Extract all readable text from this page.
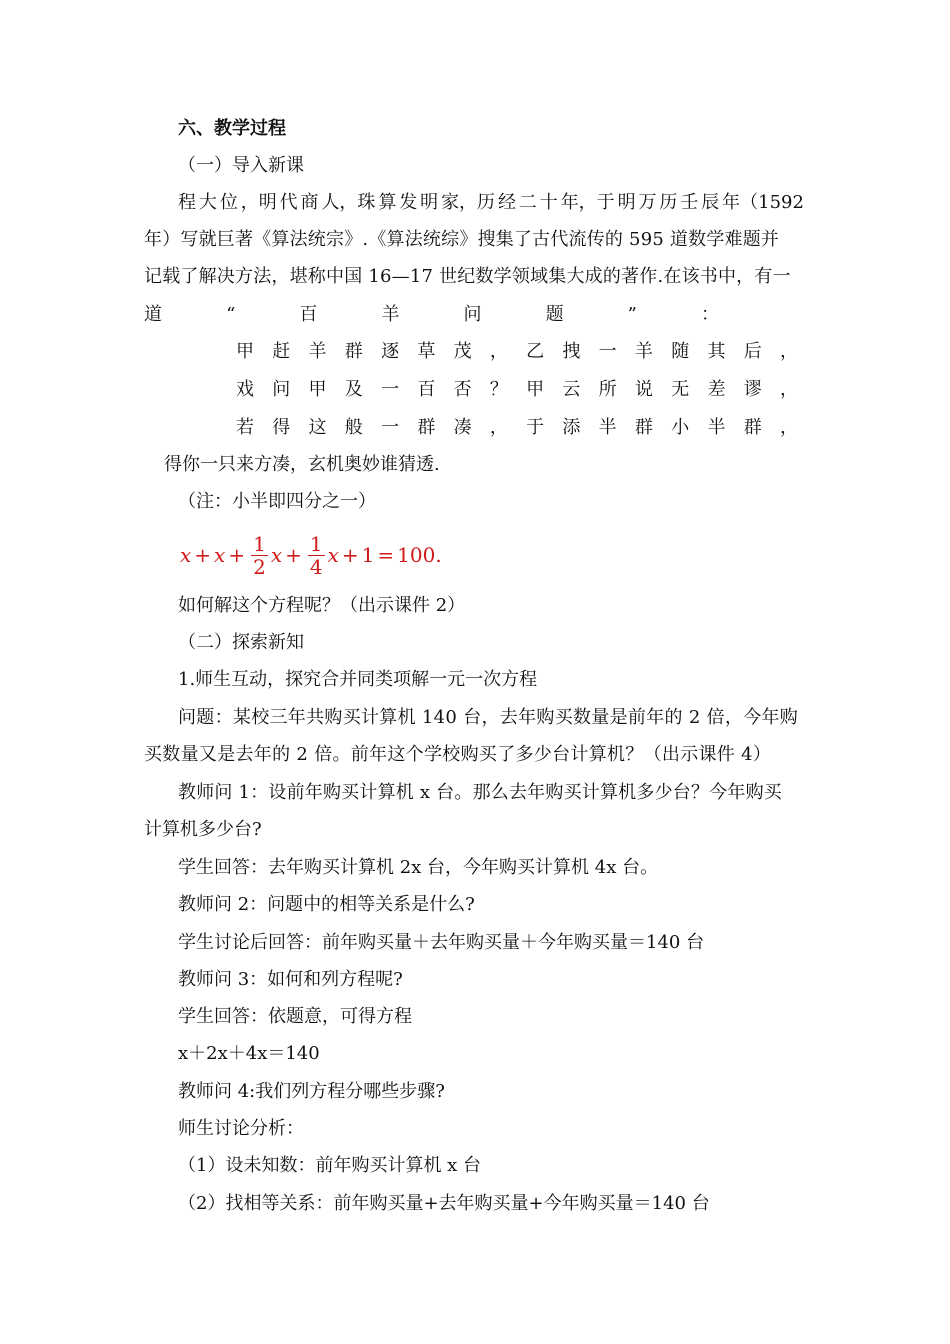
六、教学过程
（一）导入新课
程 大 位 ，明 代 商 人，珠 算 发 明 家，历 经 二 十 年，于 明 万 历 壬 辰 年（1592
年）写就巨著《算法统宗》.《算法统综》搜集了古代流传的 595 道数学难题并
记载了解决方法，堪称中国 16—17 世纪数学领域集大成的著作.在该书中，有一
道	“	百	羊	问	题	”	：
甲 赶 羊 群 逐 草 茂 ， 乙 拽 一 羊 随 其 后 ，
戏 问 甲 及 一 百 否 ？ 甲 云 所 说 无 差 谬 ，
若 得 这 般 一 群 凑 ， 于 添 半 群 小 半 群 ，
得你一只来方凑，玄机奥妙谁猜透.
（注：小半即四分之一）
$x + x + \frac{1}{2}$ $x + \frac{1}{4}$ x + 1 = 100.
如何解这个方程呢？（出示课件 2）
（二）探索新知
1.师生互动，探究合并同类项解一元一次方程
问题：某校三年共购买计算机 140 台，去年购买数量是前年的 2 倍，今年购
买数量又是去年的 2 倍。前年这个学校购买了多少台计算机？（出示课件 4）
教师问 1：设前年购买计算机 x 台。那么去年购买计算机多少台？今年购买
计算机多少台?
学生回答：去年购买计算机 2x 台，今年购买计算机 4x 台。
教师问 2：问题中的相等关系是什么?
学生讨论后回答：前年购买量＋去年购买量＋今年购买量＝140 台
教师问 3：如何和列方程呢?
学生回答：依题意，可得方程
x＋2x＋4x＝140
教师问 4:我们列方程分哪些步骤?
师生讨论分析：
（1）设未知数：前年购买计算机 x 台
（2）找相等关系：前年购买量+去年购买量+今年购买量＝140 台
